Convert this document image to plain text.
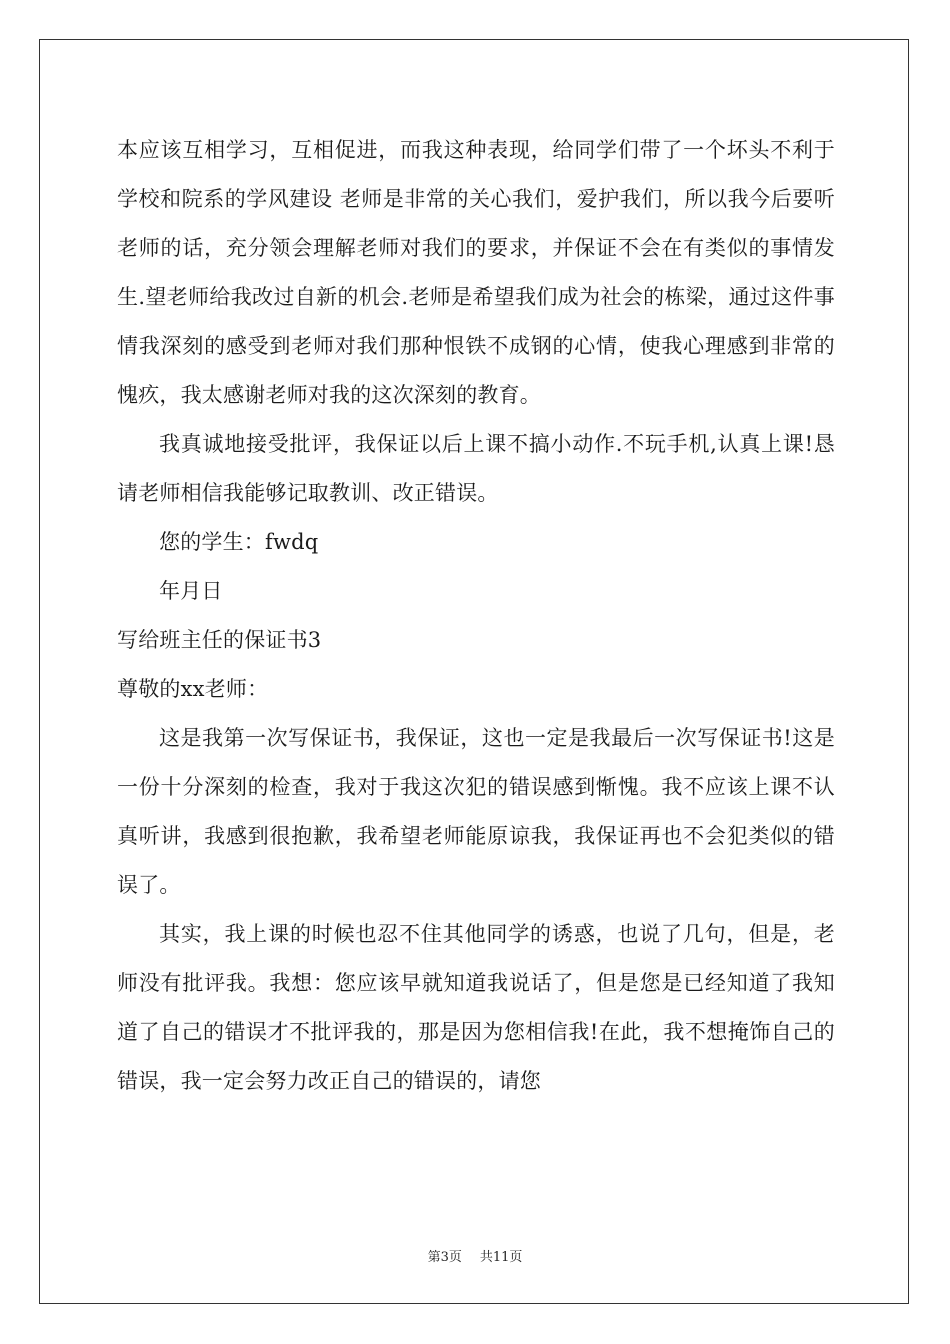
本应该互相学习，互相促进，而我这种表现，给同学们带了一个坏头不利于学校和院系的学风建设 老师是非常的关心我们，爱护我们，所以我今后要听老师的话，充分领会理解老师对我们的要求，并保证不会在有类似的事情发生.望老师给我改过自新的机会.老师是希望我们成为社会的栋梁，通过这件事情我深刻的感受到老师对我们那种恨铁不成钢的心情，使我心理感到非常的愧疚，我太感谢老师对我的这次深刻的教育。

我真诚地接受批评，我保证以后上课不搞小动作.不玩手机,认真上课!恳请老师相信我能够记取教训、改正错误。

您的学生：fwdq

年月日

写给班主任的保证书3

尊敬的xx老师：

这是我第一次写保证书，我保证，这也一定是我最后一次写保证书!这是一份十分深刻的检查，我对于我这次犯的错误感到惭愧。我不应该上课不认真听讲，我感到很抱歉，我希望老师能原谅我，我保证再也不会犯类似的错误了。

其实，我上课的时候也忍不住其他同学的诱惑，也说了几句，但是，老师没有批评我。我想：您应该早就知道我说话了，但是您是已经知道了我知道了自己的错误才不批评我的，那是因为您相信我!在此，我不想掩饰自己的错误，我一定会努力改正自己的错误的，请您

第3页 共11页
